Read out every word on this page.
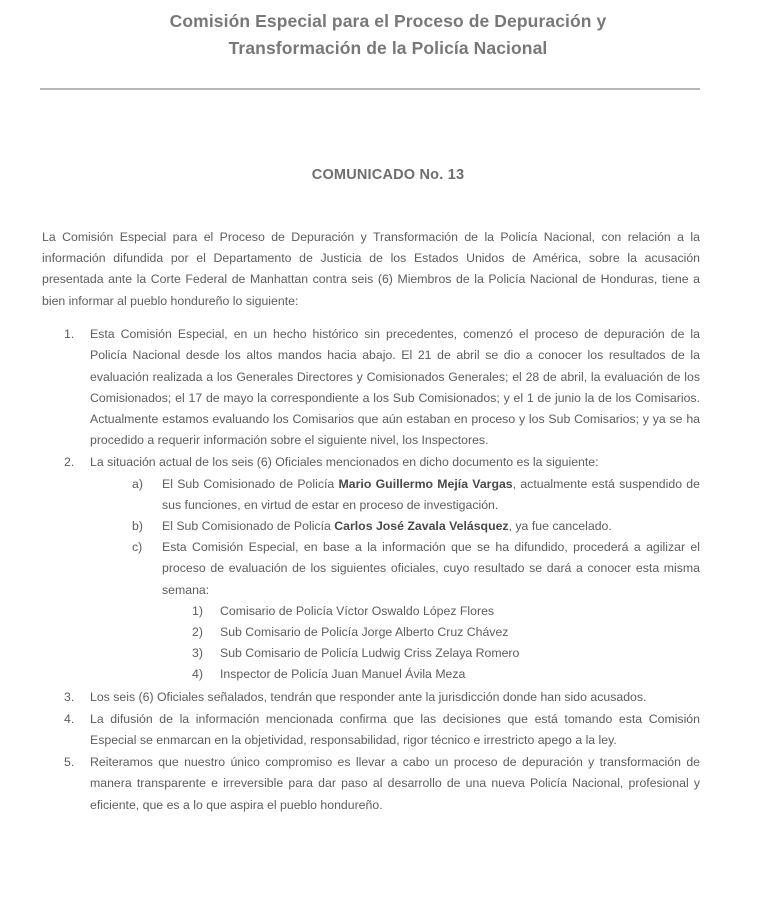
Comisión Especial para el Proceso de Depuración y
Transformación de la Policía Nacional
COMUNICADO No. 13

La Comisión Especial para el Proceso de Depuración y Transformación de la Policía Nacional, con relación a la información difundida por el Departamento de Justicia de los Estados Unidos de América, sobre la acusación presentada ante la Corte Federal de Manhattan contra seis (6) Miembros de la Policía Nacional de Honduras, tiene a bien informar al pueblo hondureño lo siguiente:

1.	Esta Comisión Especial, en un hecho histórico sin precedentes, comenzó el proceso de depuración de la Policía Nacional desde los altos mandos hacia abajo. El 21 de abril se dio a conocer los resultados de la evaluación realizada a los Generales Directores y Comisionados Generales; el 28 de abril, la evaluación de los Comisionados; el 17 de mayo la correspondiente a los Sub Comisionados; y el 1 de junio la de los Comisarios. Actualmente estamos evaluando los Comisarios que aún estaban en proceso y los Sub Comisarios; y ya se ha procedido a requerir información sobre el siguiente nivel, los Inspectores.
2.	La situación actual de los seis (6) Oficiales mencionados en dicho documento es la siguiente:
a)	El Sub Comisionado de Policía Mario Guillermo Mejía Vargas, actualmente está suspendido de sus funciones, en virtud de estar en proceso de investigación.
b)	El Sub Comisionado de Policía Carlos José Zavala Velásquez, ya fue cancelado.
c)	Esta Comisión Especial, en base a la información que se ha difundido, procederá a agilizar el proceso de evaluación de los siguientes oficiales, cuyo resultado se dará a conocer esta misma semana:
1)	Comisario de Policía Víctor Oswaldo López Flores
2)	Sub Comisario de Policía Jorge Alberto Cruz Chávez
3)	Sub Comisario de Policía Ludwig Criss Zelaya Romero
4)	Inspector de Policía Juan Manuel Ávila Meza
3.	Los seis (6) Oficiales señalados, tendrán que responder ante la jurisdicción donde han sido acusados.
4.	La difusión de la información mencionada confirma que las decisiones que está tomando esta Comisión Especial se enmarcan en la objetividad, responsabilidad, rigor técnico e irrestricto apego a la ley.
5.	Reiteramos que nuestro único compromiso es llevar a cabo un proceso de depuración y transformación de manera transparente e irreversible para dar paso al desarrollo de una nueva Policía Nacional, profesional y eficiente, que es a lo que aspira el pueblo hondureño.
